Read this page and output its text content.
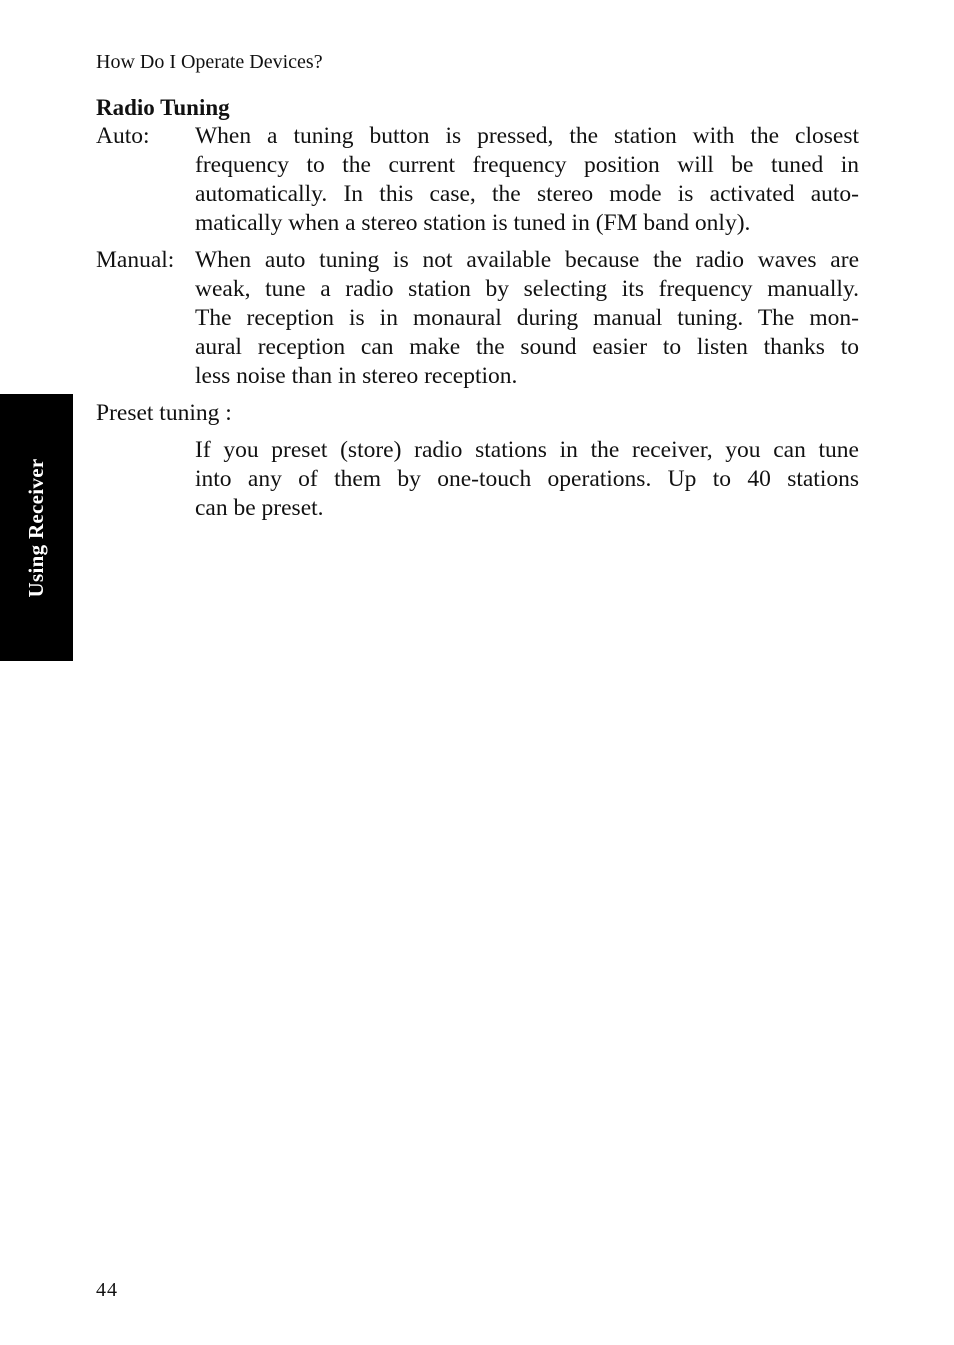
How Do I Operate Devices?
Radio Tuning
Auto: When a tuning button is pressed, the station with the closest
frequency to the current frequency position will be tuned in
automatically. In this case, the stereo mode is activated auto-
matically when a stereo station is tuned in (FM band only).
Manual: When auto tuning is not available because the radio waves are
weak, tune a radio station by selecting its frequency manually.
The reception is in monaural during manual tuning. The mon-
aural reception can make the sound easier to listen thanks to
less noise than in stereo reception.
Preset tuning :
If you preset (store) radio stations in the receiver, you can tune
into any of them by one-touch operations. Up to 40 stations
can be preset.
Using Receiver
44
